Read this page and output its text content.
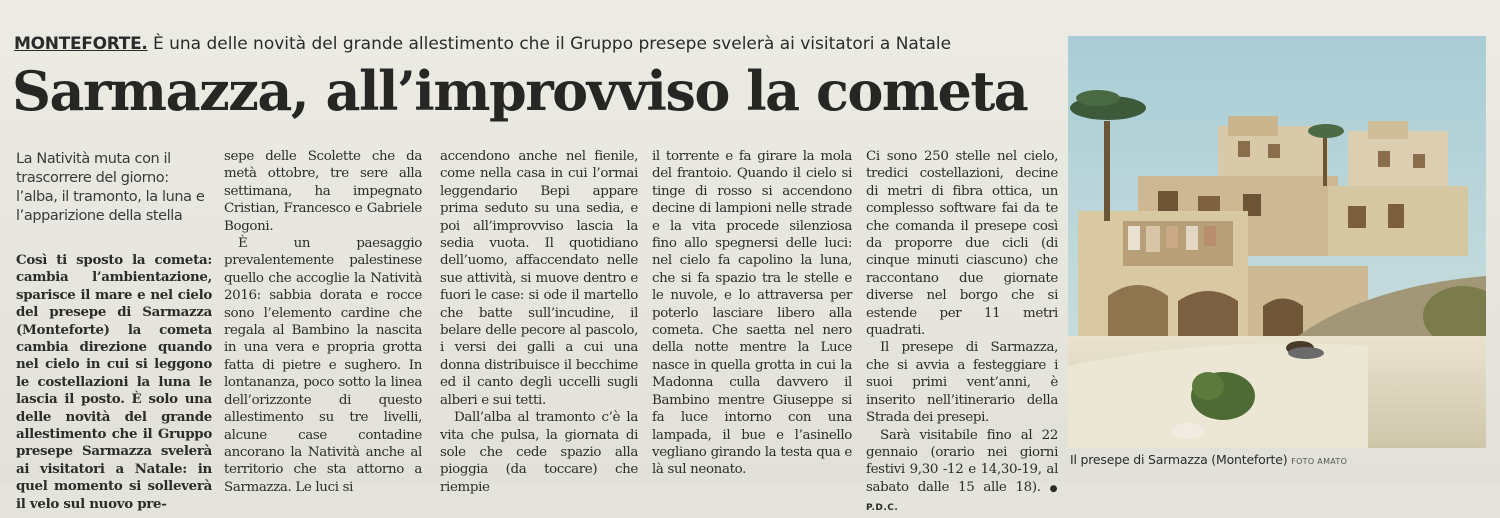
MONTEFORTE. È una delle novità del grande allestimento che il Gruppo presepe svelerà ai visitatori a Natale
Sarmazza, all’improvviso la cometa
La Natività muta con il trascorrere del giorno: l’alba, il tramonto, la luna e l’apparizione della stella

Così ti sposto la cometa: cambia l’ambientazione, sparisce il mare e nel cielo del presepe di Sarmazza (Monteforte) la cometa cambia direzione quando nel cielo in cui si leggono le costellazioni la luna le lascia il posto. È solo una delle novità del grande allestimento che il Gruppo presepe Sarmazza svelerà ai visitatori a Natale: in quel momento si solleverà il velo sul nuovo pre-

sepe delle Scolette che da metà ottobre, tre sere alla settimana, ha impegnato Cristian, Francesco e Gabriele Bogoni.

È un paesaggio prevalentemente palestinese quello che accoglie la Natività 2016: sabbia dorata e rocce sono l’elemento cardine che regala al Bambino la nascita in una vera e propria grotta fatta di pietre e sughero. In lontananza, poco sotto la linea dell’orizzonte di questo allestimento su tre livelli, alcune case contadine ancorano la Natività anche al territorio che sta attorno a Sarmazza. Le luci si

accendono anche nel fienile, come nella casa in cui l’ormai leggendario Bepi appare prima seduto su una sedia, e poi all’improvviso lascia la sedia vuota. Il quotidiano dell’uomo, affaccendato nelle sue attività, si muove dentro e fuori le case: si ode il martello che batte sull’incudine, il belare delle pecore al pascolo, i versi dei galli a cui una donna distribuisce il becchime ed il canto degli uccelli sugli alberi e sui tetti.

Dall’alba al tramonto c’è la vita che pulsa, la giornata di sole che cede spazio alla pioggia (da toccare) che riempie

il torrente e fa girare la mola del frantoio. Quando il cielo si tinge di rosso si accendono decine di lampioni nelle strade e la vita procede silenziosa fino allo spegnersi delle luci: nel cielo fa capolino la luna, che si fa spazio tra le stelle e le nuvole, e lo attraversa per poterlo lasciare libero alla cometa. Che saetta nel nero della notte mentre la Luce nasce in quella grotta in cui la Madonna culla davvero il Bambino mentre Giuseppe si fa luce intorno con una lampada, il bue e l’asinello vegliano girando la testa qua e là sul neonato.

Ci sono 250 stelle nel cielo, tredici costellazioni, decine di metri di fibra ottica, un complesso software fai da te che comanda il presepe così da proporre due cicli (di cinque minuti ciascuno) che raccontano due giornate diverse nel borgo che si estende per 11 metri quadrati.

Il presepe di Sarmazza, che si avvia a festeggiare i suoi primi vent’anni, è inserito nell’itinerario della Strada dei presepi.

Sarà visitabile fino al 22 gennaio (orario nei giorni festivi 9,30 -12 e 14,30-19, al sabato dalle 15 alle 18). ● P.D.C.

Il presepe di Sarmazza (Monteforte) FOTO AMATO
